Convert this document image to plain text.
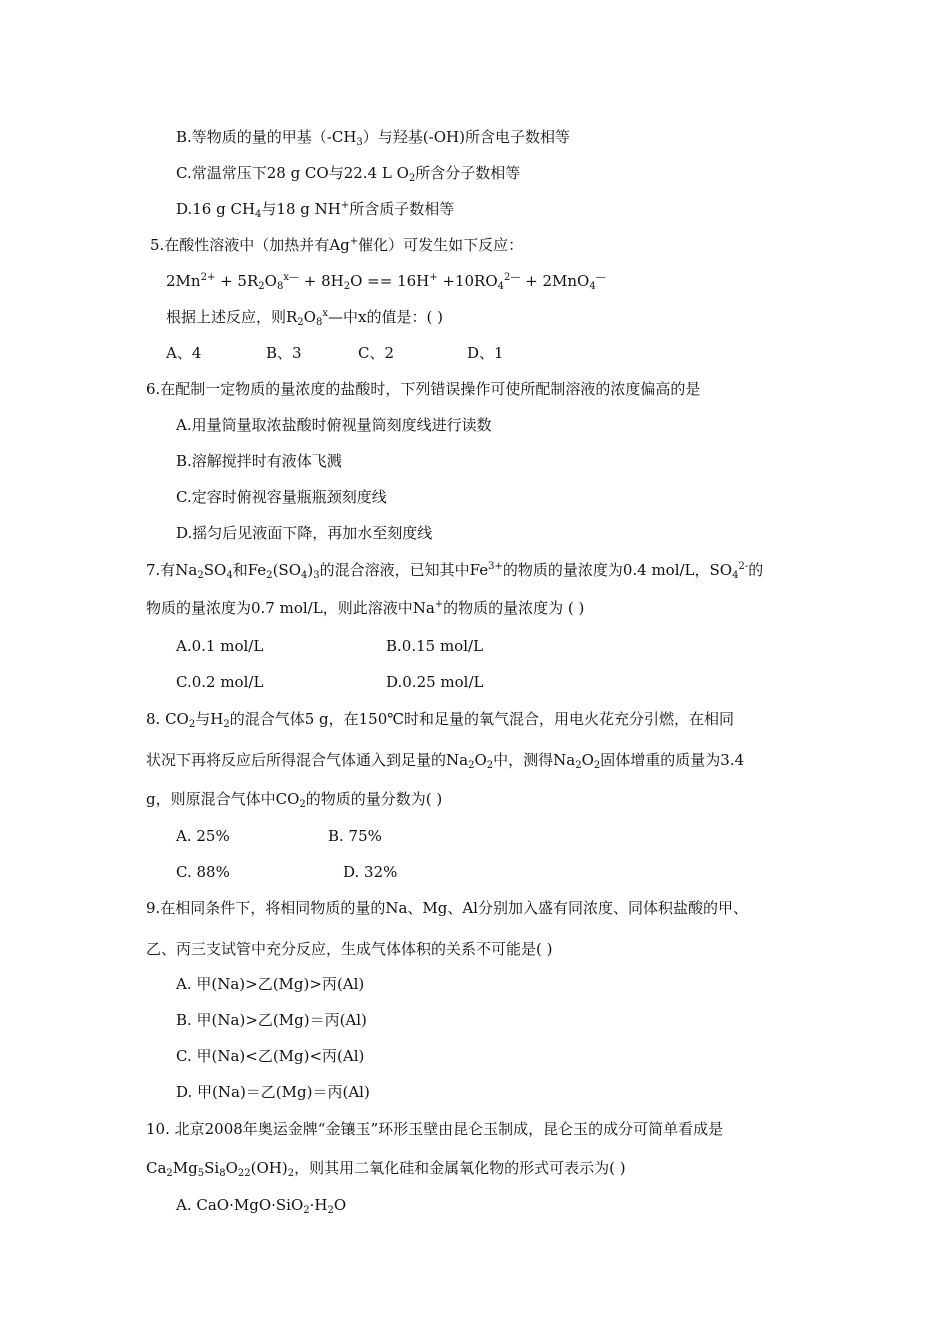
B.等物质的量的甲基$(-CH_3)$与羟基(-OH)所含电子数相等
C.常温常压下28 g CO与22.4 L $O_2$所含分子数相等
D.16 g $CH_4$与18 g NH+所含质子数相等
5.在酸性溶液中（加热并有Ag+催化）可发生如下反应：
$2Mn^{2+} + 5R_2O_8^{x—} + 8H_2O == 16H^+ +10RO_4^{2—} + 2MnO_4^—$
根据上述反应，则$R_2O_8^x—$中x的值是：( )
A、4	B、3	C、2	D、1
6.在配制一定物质的量浓度的盐酸时，下列错误操作可使所配制溶液的浓度偏高的是
A.用量筒量取浓盐酸时俯视量筒刻度线进行读数
B.溶解搅拌时有液体飞溅
C.定容时俯视容量瓶瓶颈刻度线
D.摇匀后见液面下降，再加水至刻度线
7.有$Na_2SO_4$和$Fe_2(SO_4)_3$的混合溶液，已知其中$Fe^{3+}$的物质的量浓度为0.4 mol/L，$SO_4^{2-}$的
物质的量浓度为0.7 mol/L，则此溶液中Na+的物质的量浓度为 ( )
A.0.1 mol/L	B.0.15 mol/L
C.0.2 mol/L	D.0.25 mol/L
8. $CO_2$与$H_2$的混合气体5 g，在150℃时和足量的氧气混合，用电火花充分引燃，在相同
状况下再将反应后所得混合气体通入到足量的$Na_2O_2$中，测得$Na_2O_2$固体增重的质量为3.4
g，则原混合气体中$CO_2$的物质的量分数为( )
A. 25%	B. 75%
C. 88%	D. 32%
9.在相同条件下，将相同物质的量的Na、Mg、Al分别加入盛有同浓度、同体积盐酸的甲、
乙、丙三支试管中充分反应，生成气体体积的关系不可能是( )
A. 甲(Na)>乙(Mg)>丙(Al)
B. 甲(Na)>乙(Mg)＝丙(Al)
C. 甲(Na)<乙(Mg)<丙(Al)
D. 甲(Na)＝乙(Mg)＝丙(Al)
10. 北京2008年奥运金牌“金镶玉”环形玉壁由昆仑玉制成，昆仑玉的成分可简单看成是
$Ca_2Mg_5Si_8O_{22}(OH)_2$，则其用二氧化硅和金属氧化物的形式可表示为( )
A. $CaO\cdot MgO\cdot SiO_2\cdot H_2O$
